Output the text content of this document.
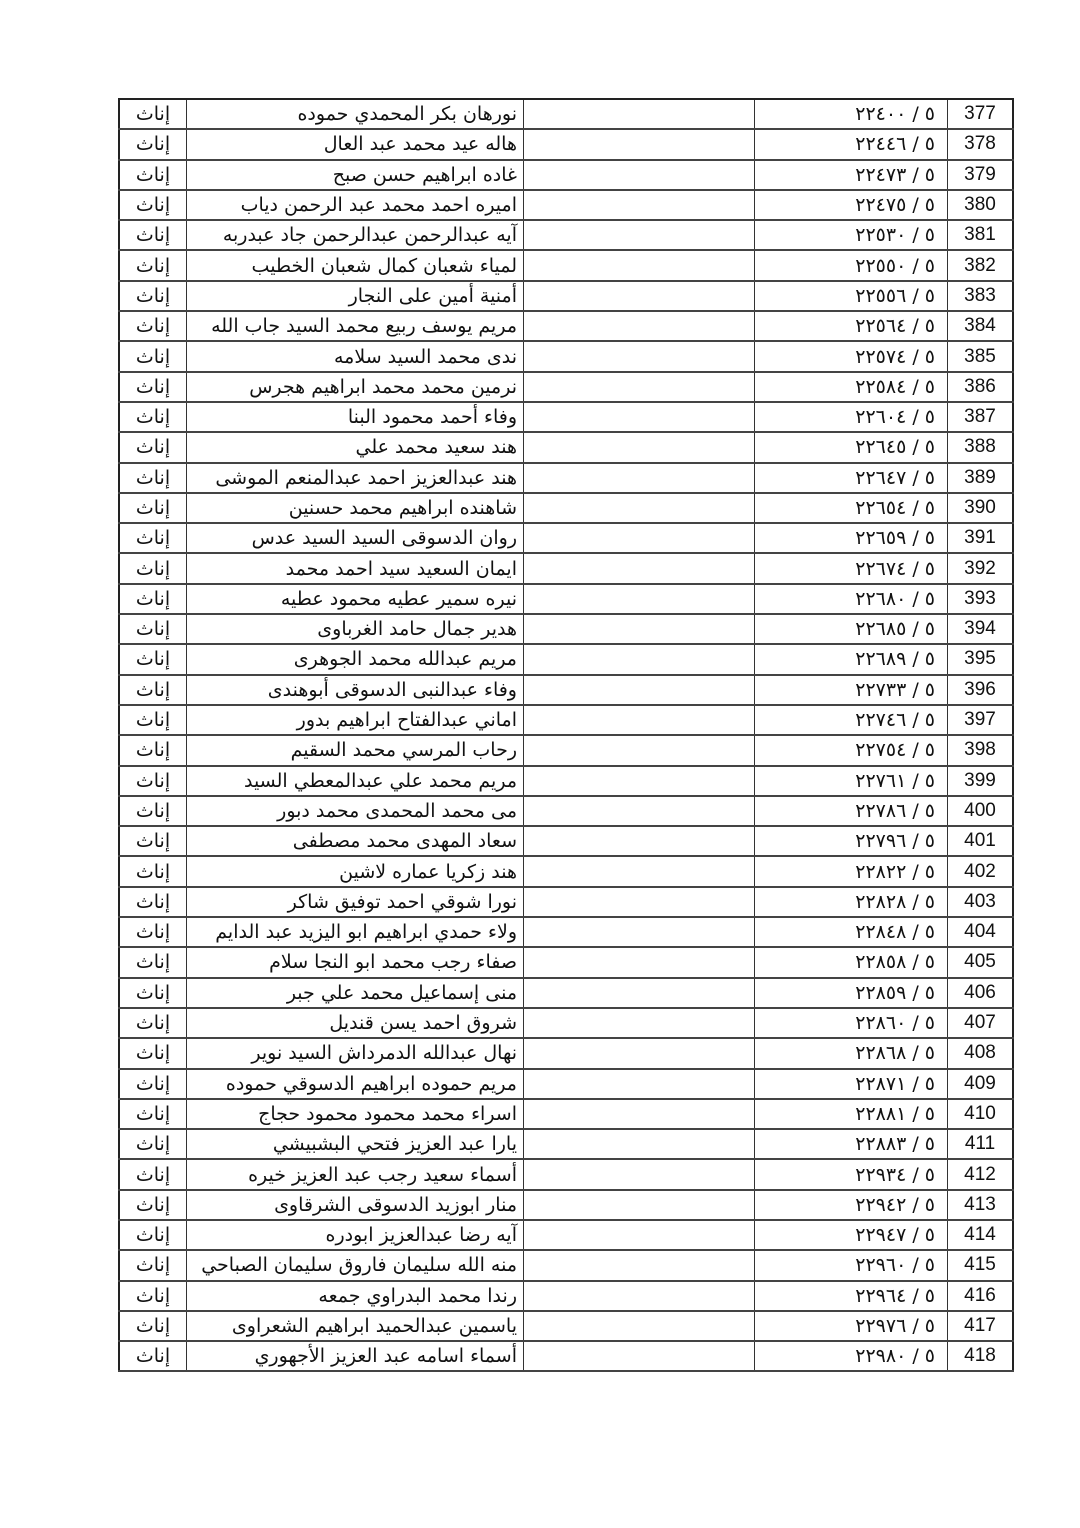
إناث	نورهان بكر المحمدي حموده		٥ / ٢٢٤٠٠	377
إناث	هاله عيد محمد عبد العال		٥ / ٢٢٤٤٦	378
إناث	غاده ابراهيم حسن صبح		٥ / ٢٢٤٧٣	379
إناث	اميره احمد محمد عبد الرحمن دياب		٥ / ٢٢٤٧٥	380
إناث	آيه عبدالرحمن عبدالرحمن جاد عبدربه		٥ / ٢٢٥٣٠	381
إناث	لمياء شعبان كمال شعبان الخطيب		٥ / ٢٢٥٥٠	382
إناث	أمنية أمين على النجار		٥ / ٢٢٥٥٦	383
إناث	مريم يوسف ربيع محمد السيد جاب الله		٥ / ٢٢٥٦٤	384
إناث	ندى محمد السيد سلامه		٥ / ٢٢٥٧٤	385
إناث	نرمين محمد محمد ابراهيم هجرس		٥ / ٢٢٥٨٤	386
إناث	وفاء أحمد محمود البنا		٥ / ٢٢٦٠٤	387
إناث	هند سعيد محمد علي		٥ / ٢٢٦٤٥	388
إناث	هند عبدالعزيز احمد عبدالمنعم الموشى		٥ / ٢٢٦٤٧	389
إناث	شاهنده ابراهيم محمد حسنين		٥ / ٢٢٦٥٤	390
إناث	روان الدسوقى السيد السيد عدس		٥ / ٢٢٦٥٩	391
إناث	ايمان السعيد سيد احمد محمد		٥ / ٢٢٦٧٤	392
إناث	نيره سمير عطيه محمود عطيه		٥ / ٢٢٦٨٠	393
إناث	هدير جمال حامد الغرباوى		٥ / ٢٢٦٨٥	394
إناث	مريم عبدالله محمد الجوهرى		٥ / ٢٢٦٨٩	395
إناث	وفاء عبدالنبى الدسوقى أبوهندى		٥ / ٢٢٧٣٣	396
إناث	اماني عبدالفتاح ابراهيم بدور		٥ / ٢٢٧٤٦	397
إناث	رحاب المرسي محمد السقيم		٥ / ٢٢٧٥٤	398
إناث	مريم محمد علي عبدالمعطي السيد		٥ / ٢٢٧٦١	399
إناث	مى محمد المحمدى محمد دبور		٥ / ٢٢٧٨٦	400
إناث	سعاد المهدى محمد مصطفى		٥ / ٢٢٧٩٦	401
إناث	هند زكريا عماره لاشين		٥ / ٢٢٨٢٢	402
إناث	نورا شوقي احمد توفيق شاكر		٥ / ٢٢٨٢٨	403
إناث	ولاء حمدي ابراهيم ابو اليزيد عبد الدايم		٥ / ٢٢٨٤٨	404
إناث	صفاء رجب محمد ابو النجا سلام		٥ / ٢٢٨٥٨	405
إناث	منى إسماعيل محمد علي جبر		٥ / ٢٢٨٥٩	406
إناث	شروق احمد يسن قنديل		٥ / ٢٢٨٦٠	407
إناث	نهال عبدالله الدمرداش السيد نوير		٥ / ٢٢٨٦٨	408
إناث	مريم حموده ابراهيم الدسوقي حموده		٥ / ٢٢٨٧١	409
إناث	اسراء محمد محمود محمود حجاج		٥ / ٢٢٨٨١	410
إناث	يارا عبد العزيز فتحي البشبيشي		٥ / ٢٢٨٨٣	411
إناث	أسماء سعيد رجب عبد العزيز خيره		٥ / ٢٢٩٣٤	412
إناث	منار ابوزيد الدسوقى الشرقاوى		٥ / ٢٢٩٤٢	413
إناث	آيه رضا عبدالعزيز ابودره		٥ / ٢٢٩٤٧	414
إناث	منه الله سليمان فاروق سليمان الصباحي		٥ / ٢٢٩٦٠	415
إناث	رندا محمد البدراوي جمعه		٥ / ٢٢٩٦٤	416
إناث	ياسمين عبدالحميد ابراهيم الشعراوى		٥ / ٢٢٩٧٦	417
إناث	أسماء اسامه عبد العزيز الأجهوري		٥ / ٢٢٩٨٠	418
